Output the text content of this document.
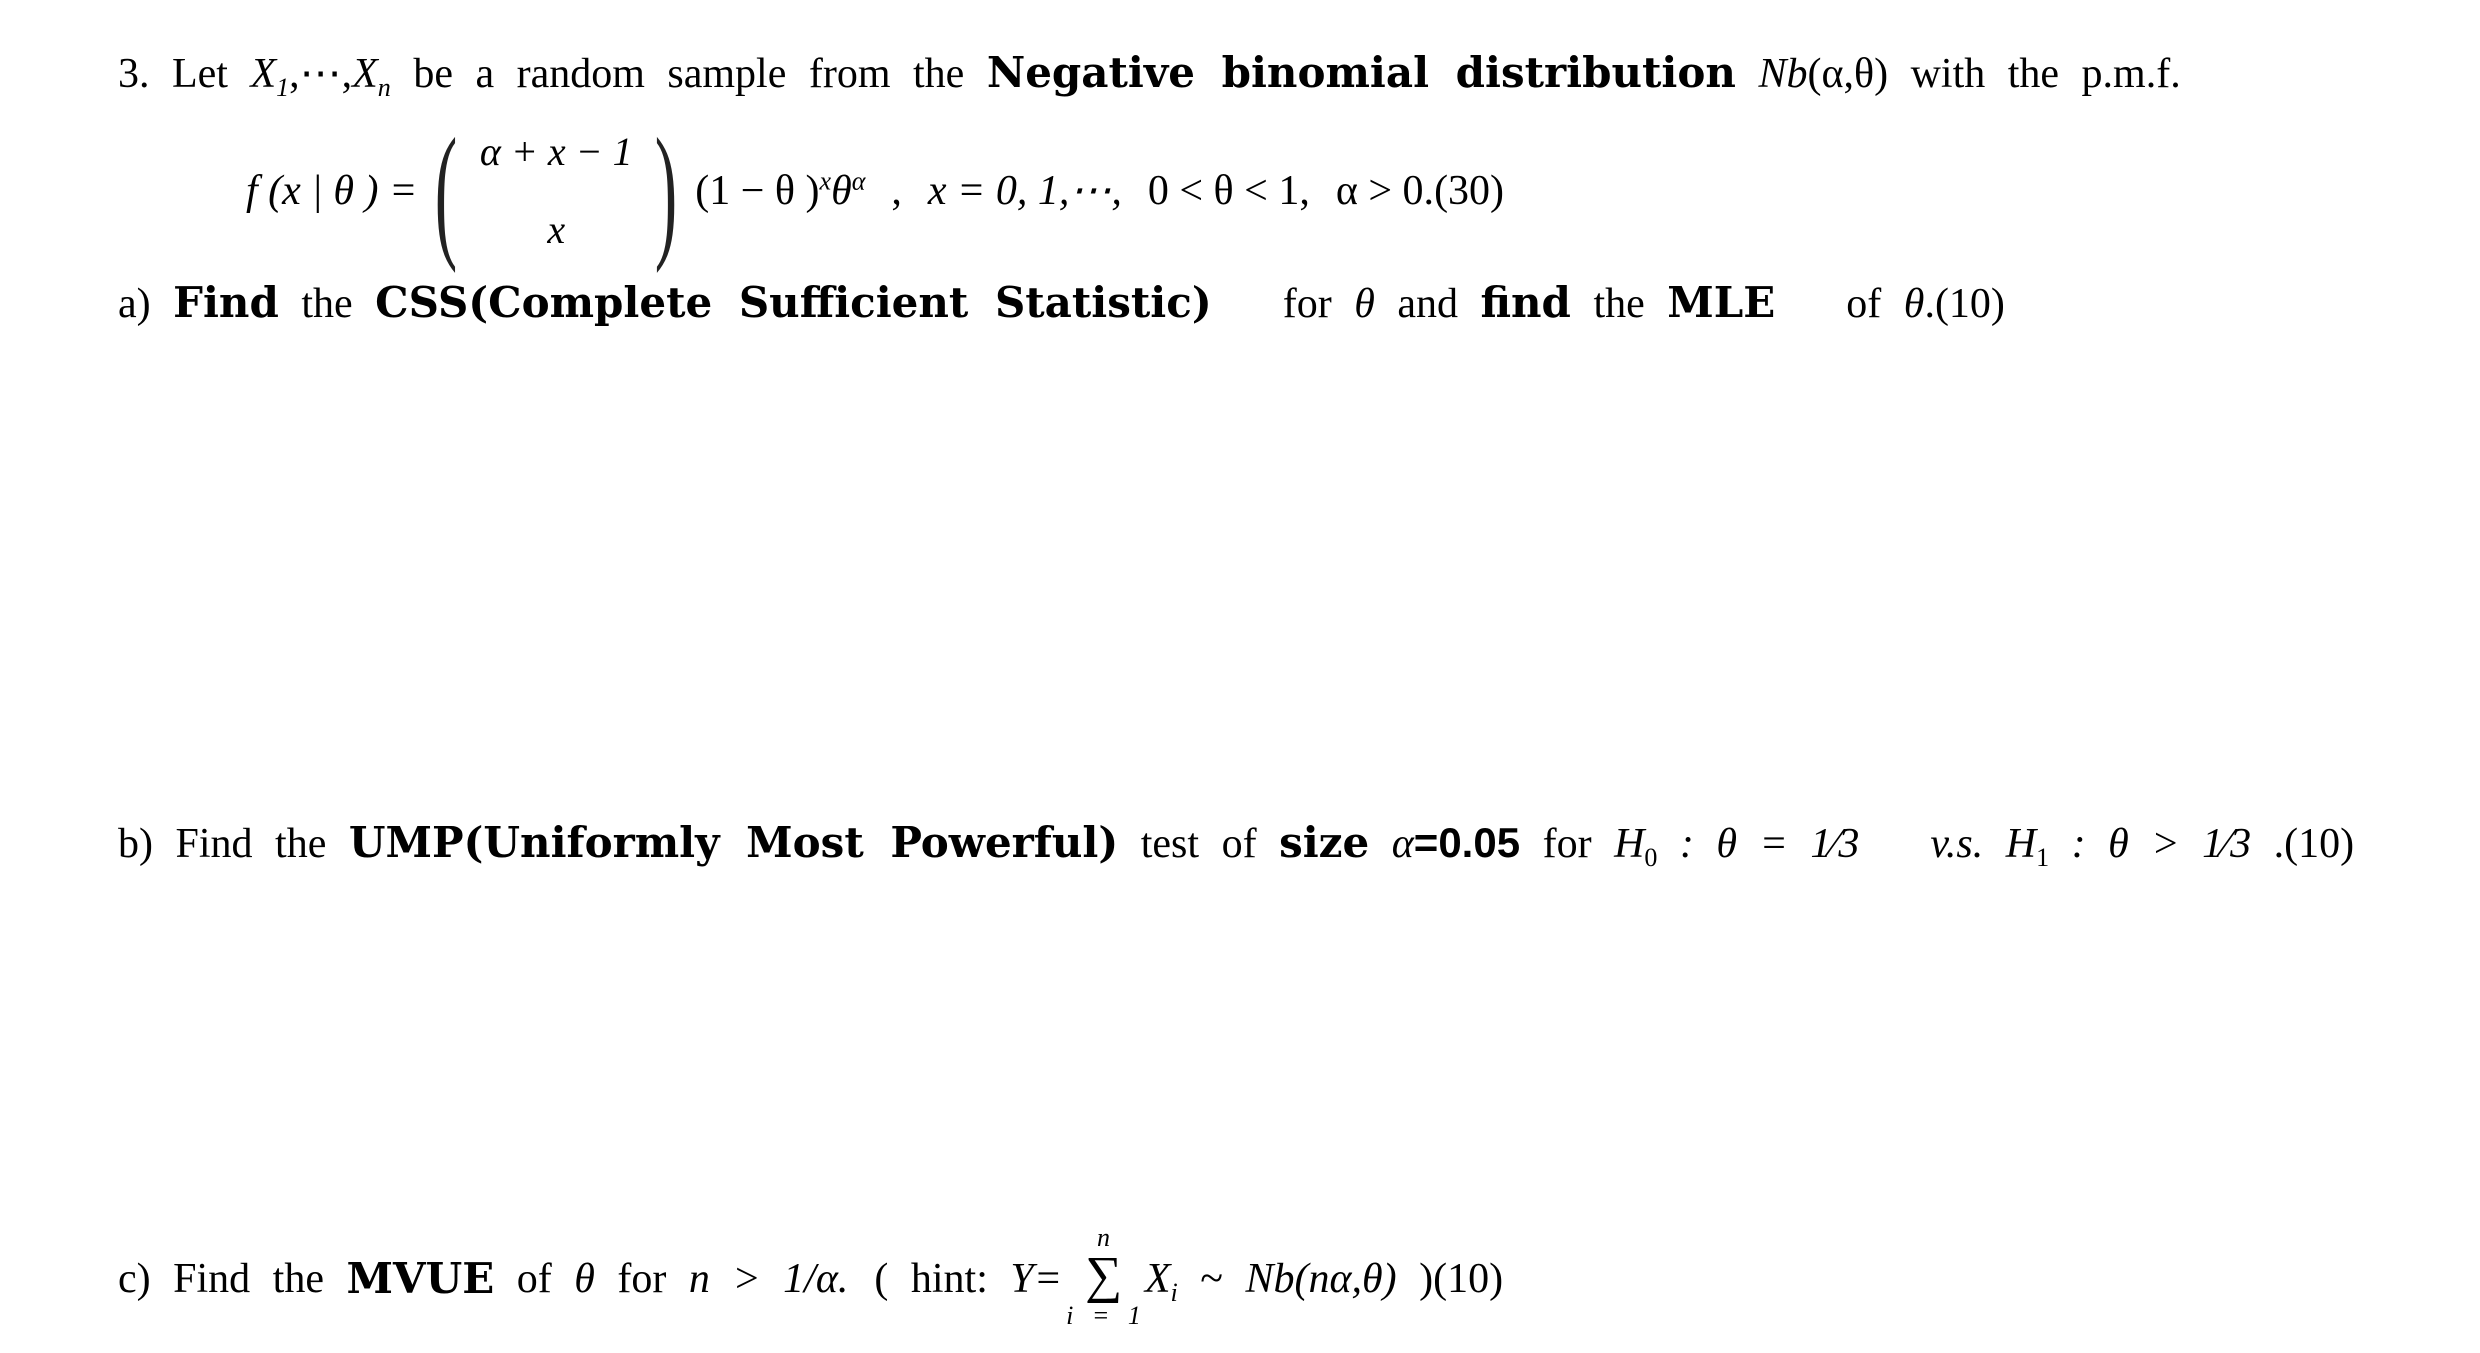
3. Let $X_1,\cdots,X_n$ be a random sample from the Negative binomial distribution Nb(α,θ) with the p.m.f.
f (x | θ ) = ( α + x − 1
x ) (1 − θ )$^x\theta^\alpha$ , x = 0, 1,⋯, 0 < θ < 1, α > 0. (30)
a) Find the CSS(Complete Sufficient Statistic) for θ and find the MLE of θ.(10)
b) Find the UMP(Uniformly Most Powerful) test of size α=0.05 for $H_0$ : θ = 1⁄3 v.s. $H_1$ : θ > 1⁄3 .(10)
c)
Find
the
MVUE
of
θ
for
n > 1/α. ( hint:
Y=
n
∑
i = 1
$X_i$
~
Nb(nα,θ)
)(10)
